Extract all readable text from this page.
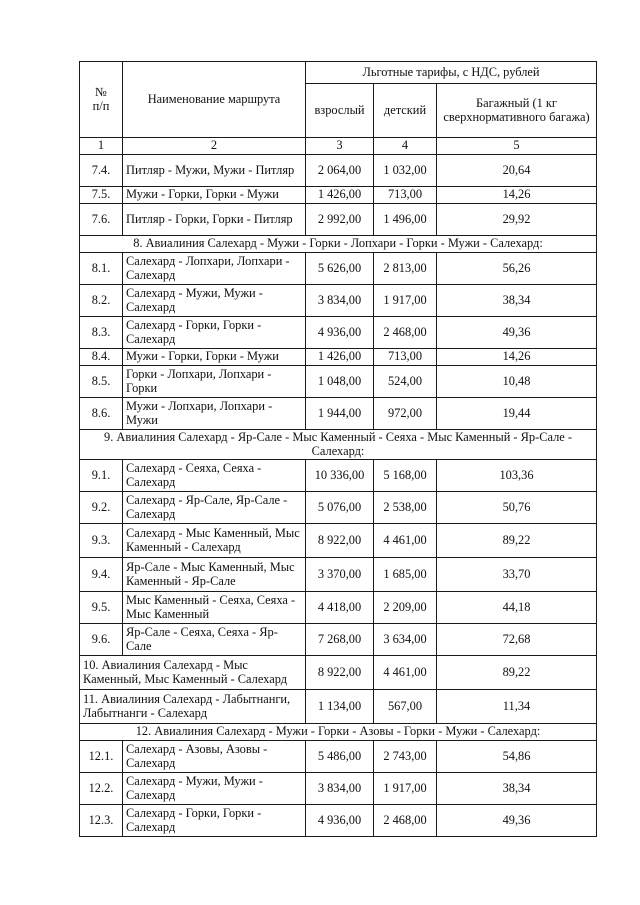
№
п/п	Наименование маршрута	Льготные тарифы, с НДС, рублей		
		взрослый	детский	Багажный (1 кг сверхнормативного багажа)
1	2	3	4	5
7.4.	Питляр - Мужи, Мужи - Питляр	2 064,00	1 032,00	20,64
7.5.	Мужи - Горки, Горки - Мужи	1 426,00	713,00	14,26
7.6.	Питляр - Горки, Горки - Питляр	2 992,00	1 496,00	29,92
8. Авиалиния Салехард - Мужи - Горки - Лопхари - Горки - Мужи - Салехард:				
8.1.	Салехард - Лопхари, Лопхари - Салехард	5 626,00	2 813,00	56,26
8.2.	Салехард - Мужи, Мужи - Салехард	3 834,00	1 917,00	38,34
8.3.	Салехард - Горки, Горки - Салехард	4 936,00	2 468,00	49,36
8.4.	Мужи - Горки, Горки - Мужи	1 426,00	713,00	14,26
8.5.	Горки - Лопхари, Лопхари - Горки	1 048,00	524,00	10,48
8.6.	Мужи - Лопхари, Лопхари - Мужи	1 944,00	972,00	19,44
9. Авиалиния Салехард - Яр-Сале - Мыс Каменный - Сеяха - Мыс Каменный - Яр-Сале - Салехард:				
9.1.	Салехард - Сеяха, Сеяха - Салехард	10 336,00	5 168,00	103,36
9.2.	Салехард - Яр-Сале, Яр-Сале - Салехард	5 076,00	2 538,00	50,76
9.3.	Салехард - Мыс Каменный, Мыс Каменный - Салехард	8 922,00	4 461,00	89,22
9.4.	Яр-Сале - Мыс Каменный, Мыс Каменный - Яр-Сале	3 370,00	1 685,00	33,70
9.5.	Мыс Каменный - Сеяха, Сеяха - Мыс Каменный	4 418,00	2 209,00	44,18
9.6.	Яр-Сале - Сеяха, Сеяха - Яр-Сале	7 268,00	3 634,00	72,68
10. Авиалиния Салехард - Мыс Каменный, Мыс Каменный - Салехард		8 922,00	4 461,00	89,22
11. Авиалиния Салехард - Лабытнанги, Лабытнанги - Салехард		1 134,00	567,00	11,34
12. Авиалиния Салехард - Мужи - Горки - Азовы - Горки - Мужи - Салехард:				
12.1.	Салехард - Азовы, Азовы - Салехард	5 486,00	2 743,00	54,86
12.2.	Салехард - Мужи, Мужи - Салехард	3 834,00	1 917,00	38,34
12.3.	Салехард - Горки, Горки - Салехард	4 936,00	2 468,00	49,36
